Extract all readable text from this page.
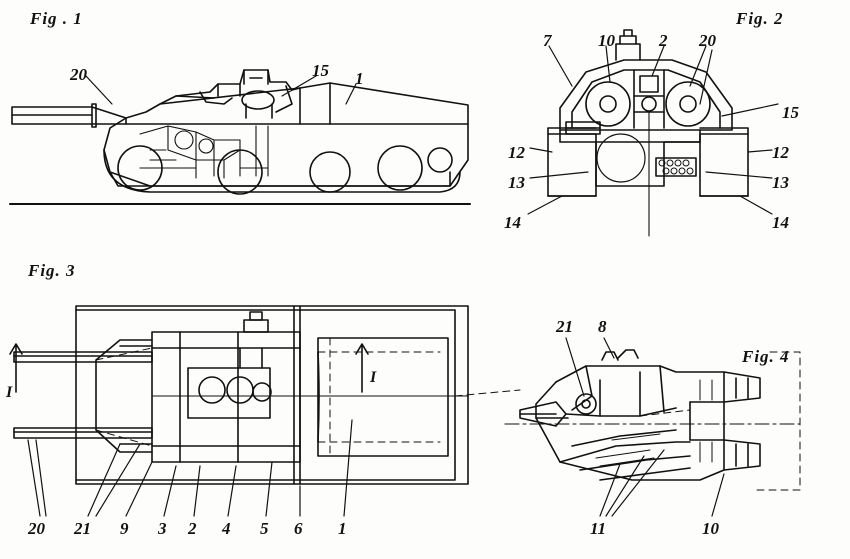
Fig . 1
20	15 1
Fig. 2
7	10	2 20
15
12	12
13	13
14	14
Fig. 3
I
I
20 21 9 3 2 4 5 6 1
Fig. 4
21 8
11	10
